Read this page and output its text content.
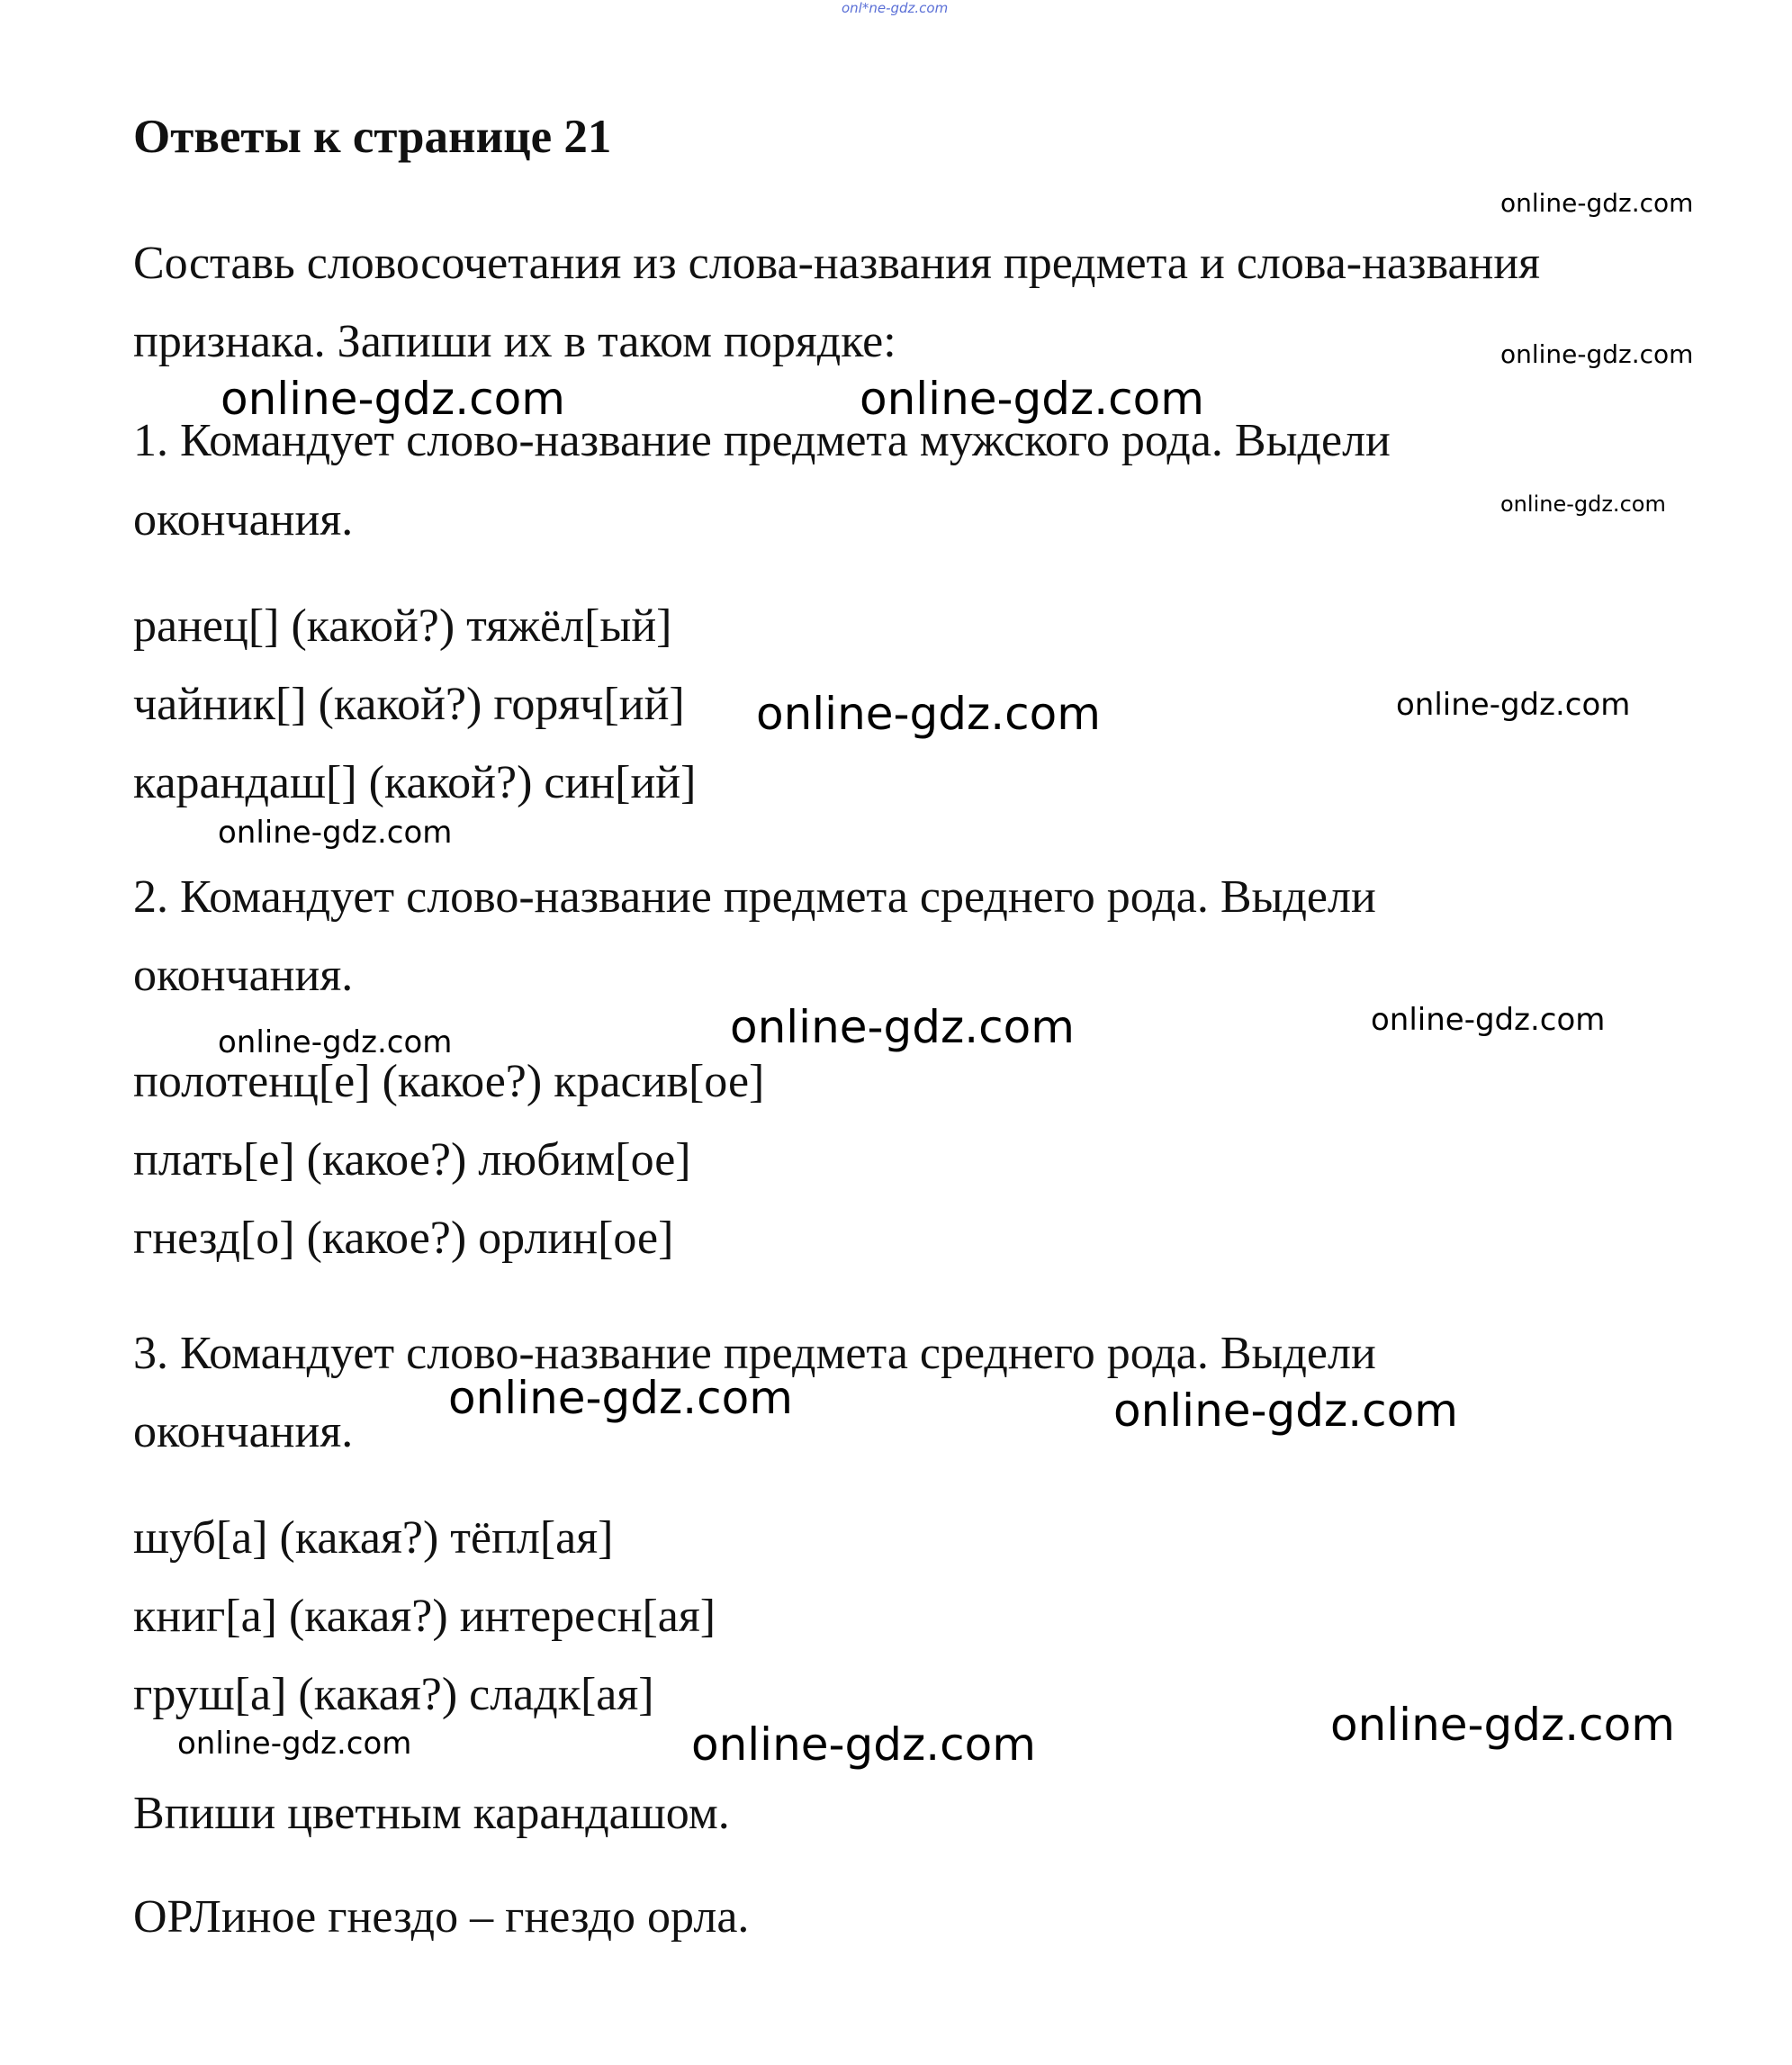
onl*ne-gdz.com
Ответы к странице 21
Составь словосочетания из слова-названия предмета и слова-названия
признака. Запиши их в таком порядке:
1. Командует слово-название предмета мужского рода. Выдели
окончания.
ранец[] (какой?) тяжёл[ый]
чайник[] (какой?) горяч[ий]
карандаш[] (какой?) син[ий]
2. Командует слово-название предмета среднего рода. Выдели
окончания.
полотенц[е] (какое?) красив[ое]
плать[е] (какое?) любим[ое]
гнезд[о] (какое?) орлин[ое]
3. Командует слово-название предмета среднего рода. Выдели
окончания.
шуб[а] (какая?) тёпл[ая]
книг[а] (какая?) интересн[ая]
груш[а] (какая?) сладк[ая]
Впиши цветным карандашом.
ОРЛиное гнездо – гнездо орла.
online-gdz.com
online-gdz.com
online-gdz.com	online-gdz.com
online-gdz.com
online-gdz.com	online-gdz.com
online-gdz.com
online-gdz.com	online-gdz.com
online-gdz.com
online-gdz.com	online-gdz.com
online-gdz.com
online-gdz.com	online-gdz.com
